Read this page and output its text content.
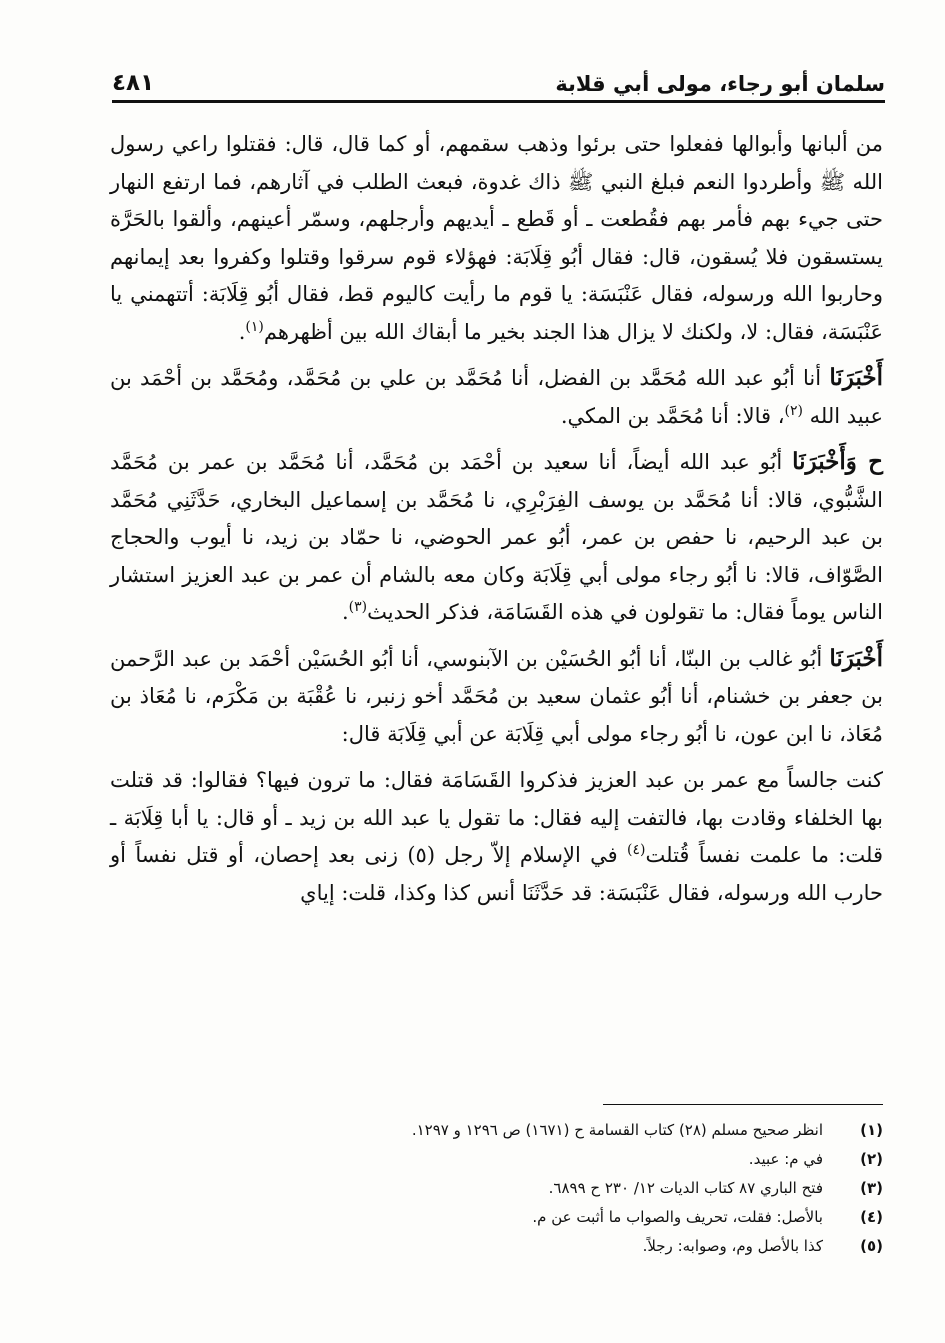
سلمان أبو رجاء، مولى أبي قلابة
٤٨١

من ألبانها وأبوالها ففعلوا حتى برئوا وذهب سقمهم، أو كما قال، قال: فقتلوا راعي رسول الله ﷺ وأطردوا النعم فبلغ النبي ﷺ ذاك غدوة، فبعث الطلب في آثارهم، فما ارتفع النهار حتى جيء بهم فأمر بهم فقُطعت ـ أو قَطع ـ أيديهم وأرجلهم، وسمّر أعينهم، وألقوا بالحَرَّة يستسقون فلا يُسقون، قال: فقال أبُو قِلَابَة: فهؤلاء قوم سرقوا وقتلوا وكفروا بعد إيمانهم وحاربوا الله ورسوله، فقال عَنْبَسَة: يا قوم ما رأيت كاليوم قط، فقال أبُو قِلَابَة: أتتهمني يا عَنْبَسَة، فقال: لا، ولكنك لا يزال هذا الجند بخير ما أبقاك الله بين أظهرهم$^{(١)}$.

أَخْبَرَنَا أنا أبُو عبد الله مُحَمَّد بن الفضل، أنا مُحَمَّد بن علي بن مُحَمَّد، ومُحَمَّد بن أحْمَد بن عبيد الله $^{(٢)}$، قالا: أنا مُحَمَّد بن المكي.

ح وَأَخْبَرَنَا أبُو عبد الله أيضاً، أنا سعيد بن أحْمَد بن مُحَمَّد، أنا مُحَمَّد بن عمر بن مُحَمَّد الشَّبُّوي، قالا: أنا مُحَمَّد بن يوسف الفِرَبْرِي، نا مُحَمَّد بن إسماعيل البخاري، حَدَّثَنِي مُحَمَّد بن عبد الرحيم، نا حفص بن عمر، أبُو عمر الحوضي، نا حمّاد بن زيد، نا أيوب والحجاج الصَّوّاف، قالا: نا أبُو رجاء مولى أبي قِلَابَة وكان معه بالشام أن عمر بن عبد العزيز استشار الناس يوماً فقال: ما تقولون في هذه القَسَامَة، فذكر الحديث$^{(٣)}$.

أَخْبَرَنَا أبُو غالب بن البنّا، أنا أبُو الحُسَيْن بن الآبنوسي، أنا أبُو الحُسَيْن أحْمَد بن عبد الرَّحمن بن جعفر بن خشنام، أنا أبُو عثمان سعيد بن مُحَمَّد أخو زنبر، نا عُقْبَة بن مَكْرَم، نا مُعَاذ بن مُعَاذ، نا ابن عون، نا أبُو رجاء مولى أبي قِلَابَة عن أبي قِلَابَة قال:

كنت جالساً مع عمر بن عبد العزيز فذكروا القَسَامَة فقال: ما ترون فيها؟ فقالوا: قد قتلت بها الخلفاء وقادت بها، فالتفت إليه فقال: ما تقول يا عبد الله بن زيد ـ أو قال: يا أبا قِلَابَة ـ قلت: ما علمت نفساً قُتلت$^{(٤)}$ في الإسلام إلاّ رجل (٥) زنى بعد إحصان، أو قتل نفساً أو حارب الله ورسوله، فقال عَنْبَسَة: قد حَدَّثَنَا أنس كذا وكذا، قلت: إياي

(١)
انظر صحيح مسلم (٢٨) كتاب القسامة ح (١٦٧١) ص ١٢٩٦ و ١٢٩٧.
(٢)
في م: عبيد.
(٣)
فتح الباري ٨٧ كتاب الديات ١٢/ ٢٣٠ ح ٦٨٩٩.
(٤)
بالأصل: فقلت، تحريف والصواب ما أثبت عن م.
(٥)
كذا بالأصل وم، وصوابه: رجلاً.
